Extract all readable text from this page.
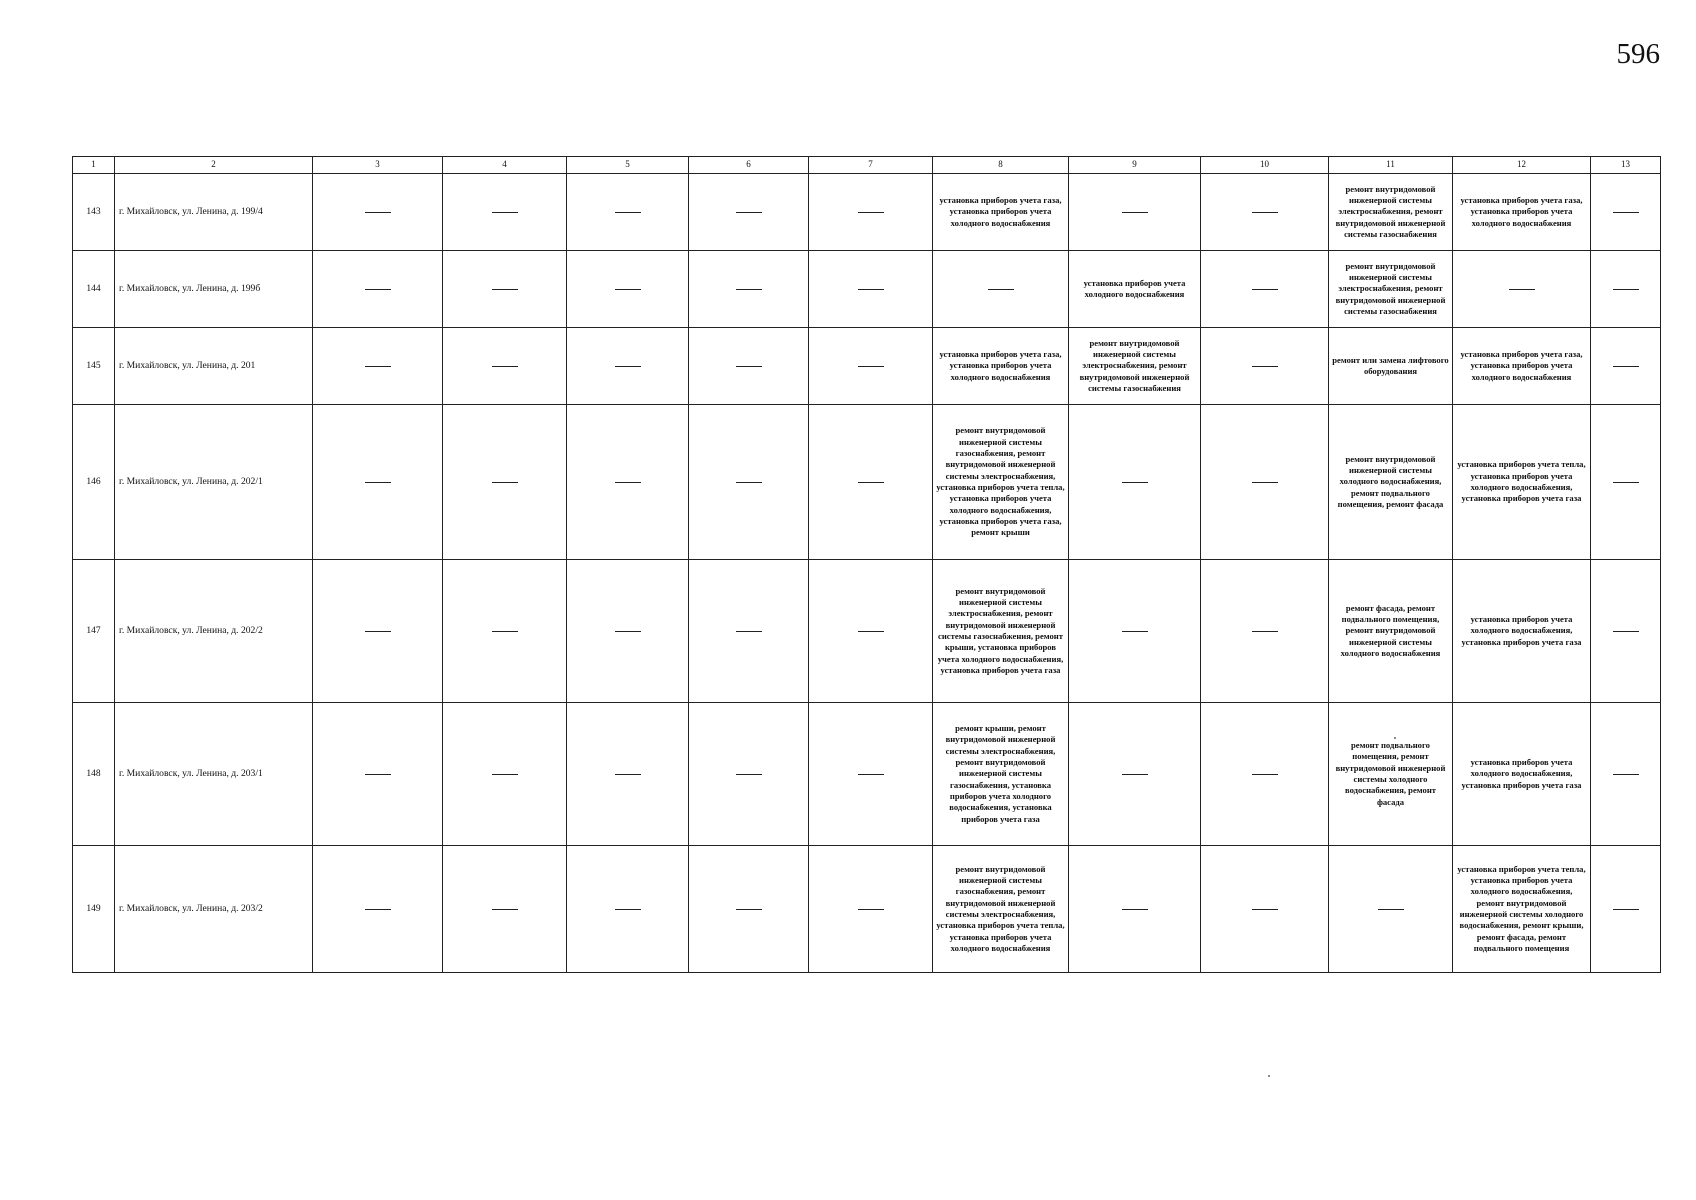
596
1	2	3	4	5	6	7	8	9	10	11	12	13
143	г. Михайловск, ул. Ленина, д. 199/4						установка приборов учета газа, установка приборов учета холодного водоснабжения			ремонт внутридомовой инженерной системы электроснабжения, ремонт внутридомовой инженерной системы газоснабжения	установка приборов учета газа, установка приборов учета холодного водоснабжения	
144	г. Михайловск, ул. Ленина, д. 199б							установка приборов учета холодного водоснабжения		ремонт внутридомовой инженерной системы электроснабжения, ремонт внутридомовой инженерной системы газоснабжения		
145	г. Михайловск, ул. Ленина, д. 201						установка приборов учета газа, установка приборов учета холодного водоснабжения	ремонт внутридомовой инженерной системы электроснабжения, ремонт внутридомовой инженерной системы газоснабжения		ремонт или замена лифтового оборудования	установка приборов учета газа, установка приборов учета холодного водоснабжения	
146	г. Михайловск, ул. Ленина, д. 202/1						ремонт внутридомовой инженерной системы газоснабжения, ремонт внутридомовой инженерной системы электроснабжения, установка приборов учета тепла, установка приборов учета холодного водоснабжения, установка приборов учета газа, ремонт крыши			ремонт внутридомовой инженерной системы холодного водоснабжения, ремонт подвального помещения, ремонт фасада	установка приборов учета тепла, установка приборов учета холодного водоснабжения, установка приборов учета газа	
147	г. Михайловск, ул. Ленина, д. 202/2						ремонт внутридомовой инженерной системы электроснабжения, ремонт внутридомовой инженерной системы газоснабжения, ремонт крыши, установка приборов учета холодного водоснабжения, установка приборов учета газа			ремонт фасада, ремонт подвального помещения, ремонт внутридомовой инженерной системы холодного водоснабжения	установка приборов учета холодного водоснабжения, установка приборов учета газа	
148	г. Михайловск, ул. Ленина, д. 203/1						ремонт крыши, ремонт внутридомовой инженерной системы электроснабжения, ремонт внутридомовой инженерной системы газоснабжения, установка приборов учета холодного водоснабжения, установка приборов учета газа			ремонт подвального помещения, ремонт внутридомовой инженерной системы холодного водоснабжения, ремонт фасада	установка приборов учета холодного водоснабжения, установка приборов учета газа	
149	г. Михайловск, ул. Ленина, д. 203/2						ремонт внутридомовой инженерной системы газоснабжения, ремонт внутридомовой инженерной системы электроснабжения, установка приборов учета тепла, установка приборов учета холодного водоснабжения				установка приборов учета тепла, установка приборов учета холодного водоснабжения, ремонт внутридомовой инженерной системы холодного водоснабжения, ремонт крыши, ремонт фасада, ремонт подвального помещения	
